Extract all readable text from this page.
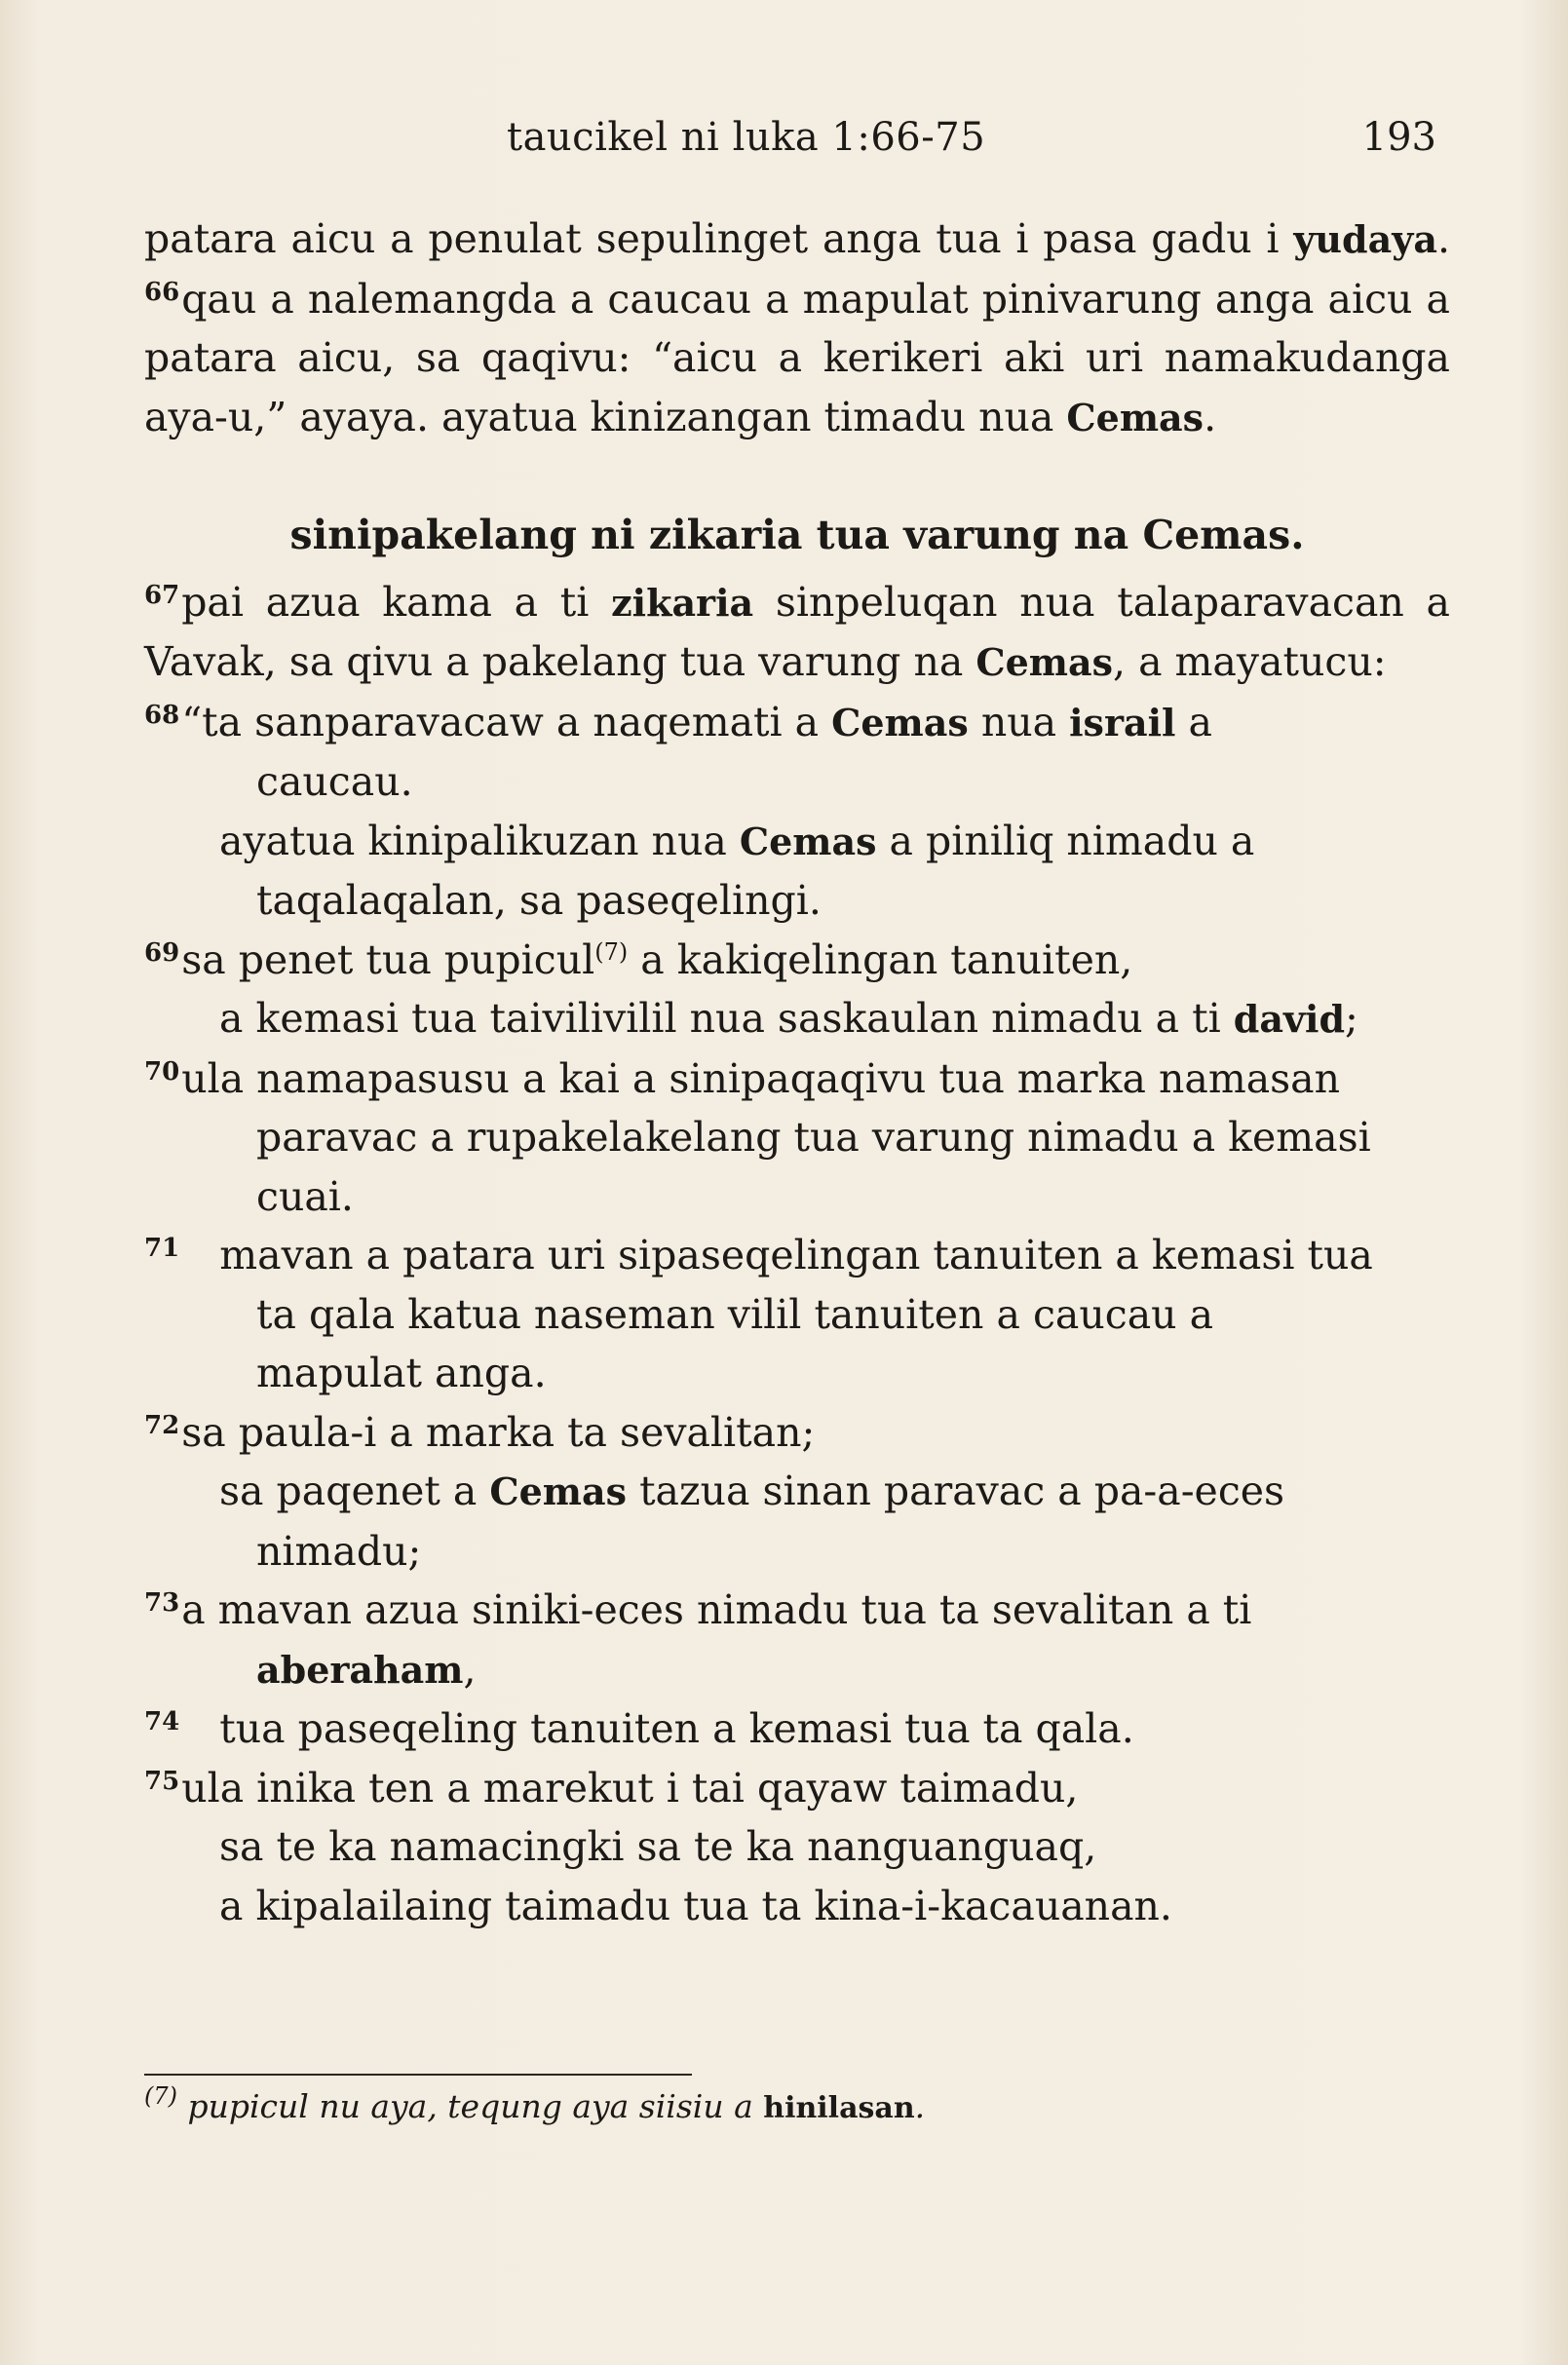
taucikel ni luka 1:66-75	193

patara aicu a penulat sepulinget anga tua i pasa gadu i yudaya. $^{66}$qau a nalemangda a caucau a mapulat pinivarung anga aicu a patara aicu, sa qaqivu: “aicu a kerikeri aki uri namakudanga aya-u,” ayaya. ayatua kinizangan timadu nua Cemas.

sinipakelang ni zikaria tua varung na Cemas.

$^{67}$pai azua kama a ti zikaria sinpeluqan nua talaparavacan a Vavak, sa qivu a pakelang tua varung na Cemas, a mayatucu:

$^{68}$“ta sanparavacaw a naqemati a Cemas nua israil a
caucau.
ayatua kinipalikuzan nua Cemas a piniliq nimadu a
taqalaqalan, sa paseqelingi.
$^{69}$sa penet tua pupicul$^{(7)}$ a kakiqelingan tanuiten,
a kemasi tua taivilivilil nua saskaulan nimadu a ti david;
$^{70}$ula namapasusu a kai a sinipaqaqivu tua marka namasan
paravac a rupakelakelang tua varung nimadu a kemasi
cuai.
$^{71}$ mavan a patara uri sipaseqelingan tanuiten a kemasi tua
ta qala katua naseman vilil tanuiten a caucau a
mapulat anga.
$^{72}$sa paula-i a marka ta sevalitan;
sa paqenet a Cemas tazua sinan paravac a pa-a-eces
nimadu;
$^{73}$a mavan azua siniki-eces nimadu tua ta sevalitan a ti
aberaham,
$^{74}$ tua paseqeling tanuiten a kemasi tua ta qala.
$^{75}$ula inika ten a marekut i tai qayaw taimadu,
sa te ka namacingki sa te ka nanguanguaq,
a kipalailaing taimadu tua ta kina-i-kacauanan.
$^{(7)}$ pupicul nu aya, tequng aya siisiu a hinilasan.
